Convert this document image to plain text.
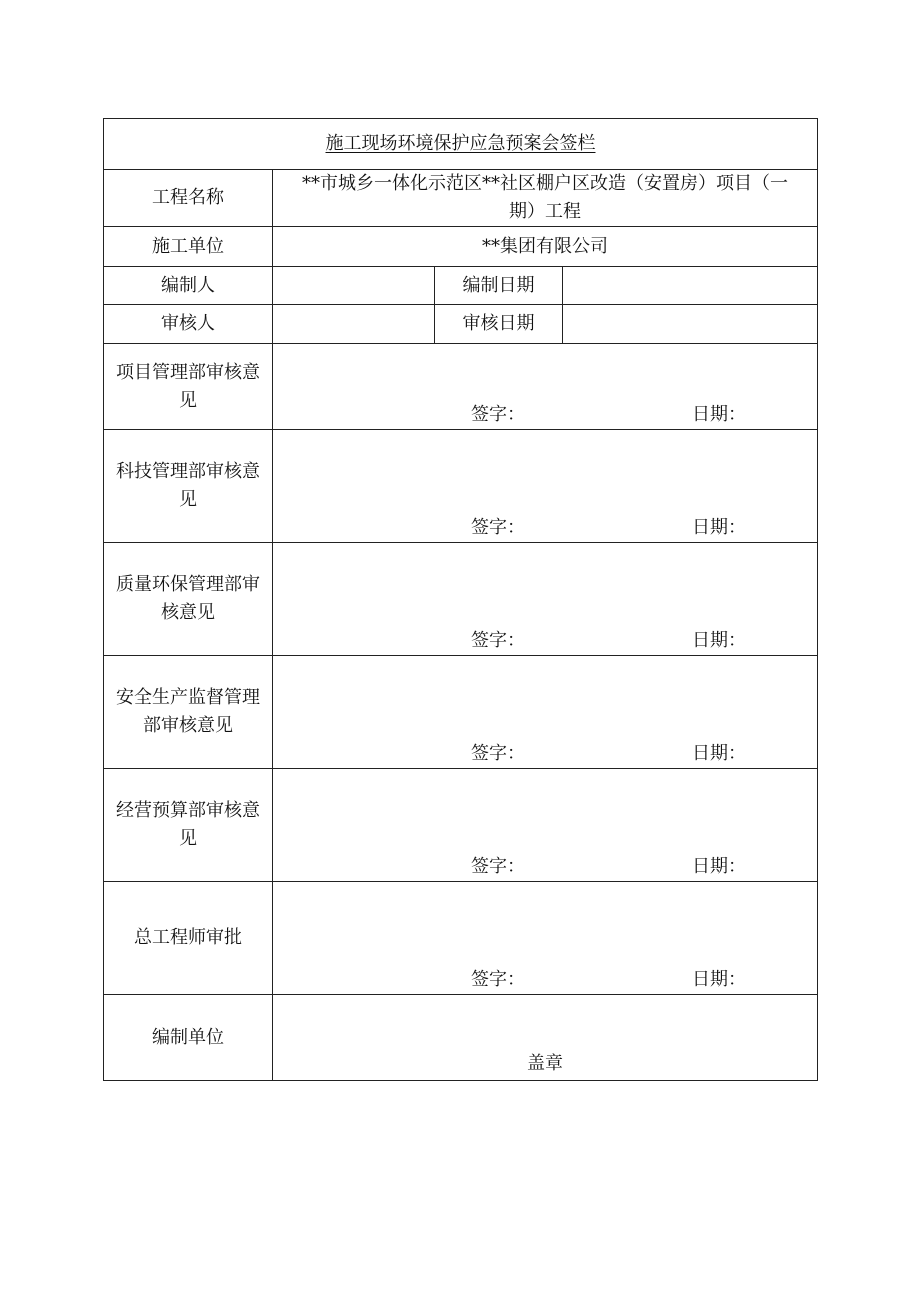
施工现场环境保护应急预案会签栏			
工程名称	**市城乡一体化示范区**社区棚户区改造（安置房）项目（一期）工程		
施工单位	**集团有限公司		
编制人		编制日期	
审核人		审核日期	
项目管理部审核意见	签字： 日期：		

科技管理部审核意见	签字： 日期：		

质量环保管理部审核意见	签字： 日期：		

安全生产监督管理部审核意见	签字： 日期：		

经营预算部审核意见	签字： 日期：		

总工程师审批	签字： 日期：		

编制单位	盖章		
